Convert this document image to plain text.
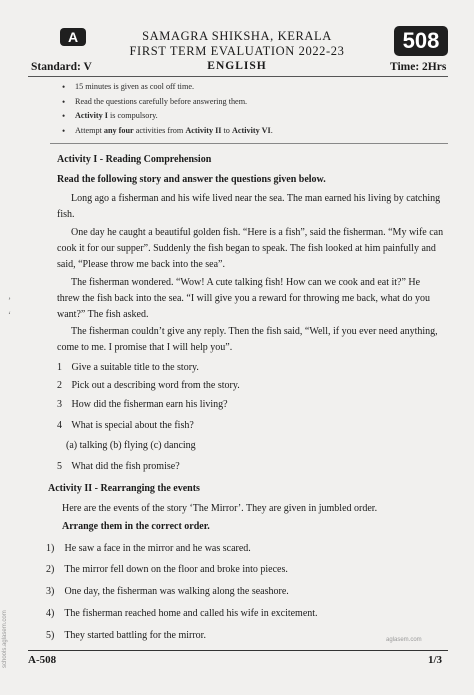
A	SAMAGRA SHIKSHA, KERALA
FIRST TERM EVALUATION 2022-23	508
Standard: V	ENGLISH	Time: 2Hrs
• 15 minutes is given as cool off time.
• Read the questions carefully before answering them.
• Activity I is compulsory.
• Attempt any four activities from Activity II to Activity VI.
Activity I - Reading Comprehension
Read the following story and answer the questions given below.
Long ago a fisherman and his wife lived near the sea. The man earned his living by catching
fish.
One day he caught a beautiful golden fish. “Here is a fish”, said the fisherman. “My wife can
cook it for our supper”. Suddenly the fish began to speak. The fish looked at him painfully and
said, “Please throw me back into the sea”.
The fisherman wondered. “Wow! A cute talking fish! How can we cook and eat it?” He
threw the fish back into the sea. “I will give you a reward for throwing me back, what do you
want?” The fish asked.
The fisherman couldn’t give any reply. Then the fish said, “Well, if you ever need anything,
come to me. I promise that I will help you”.
1 Give a suitable title to the story.
2 Pick out a describing word from the story.
3 How did the fisherman earn his living?
4 What is special about the fish?
(a) talking (b) flying (c) dancing
5 What did the fish promise?
Activity II - Rearranging the events
Here are the events of the story ‘The Mirror’. They are given in jumbled order.
Arrange them in the correct order.
1) He saw a face in the mirror and he was scared.
2) The mirror fell down on the floor and broke into pieces.
3) One day, the fisherman was walking along the seashore.
4) The fisherman reached home and called his wife in excitement.
5) They started battling for the mirror.
A-508	1/3
’
‘
schools.aglasem.com	aglasem.com
